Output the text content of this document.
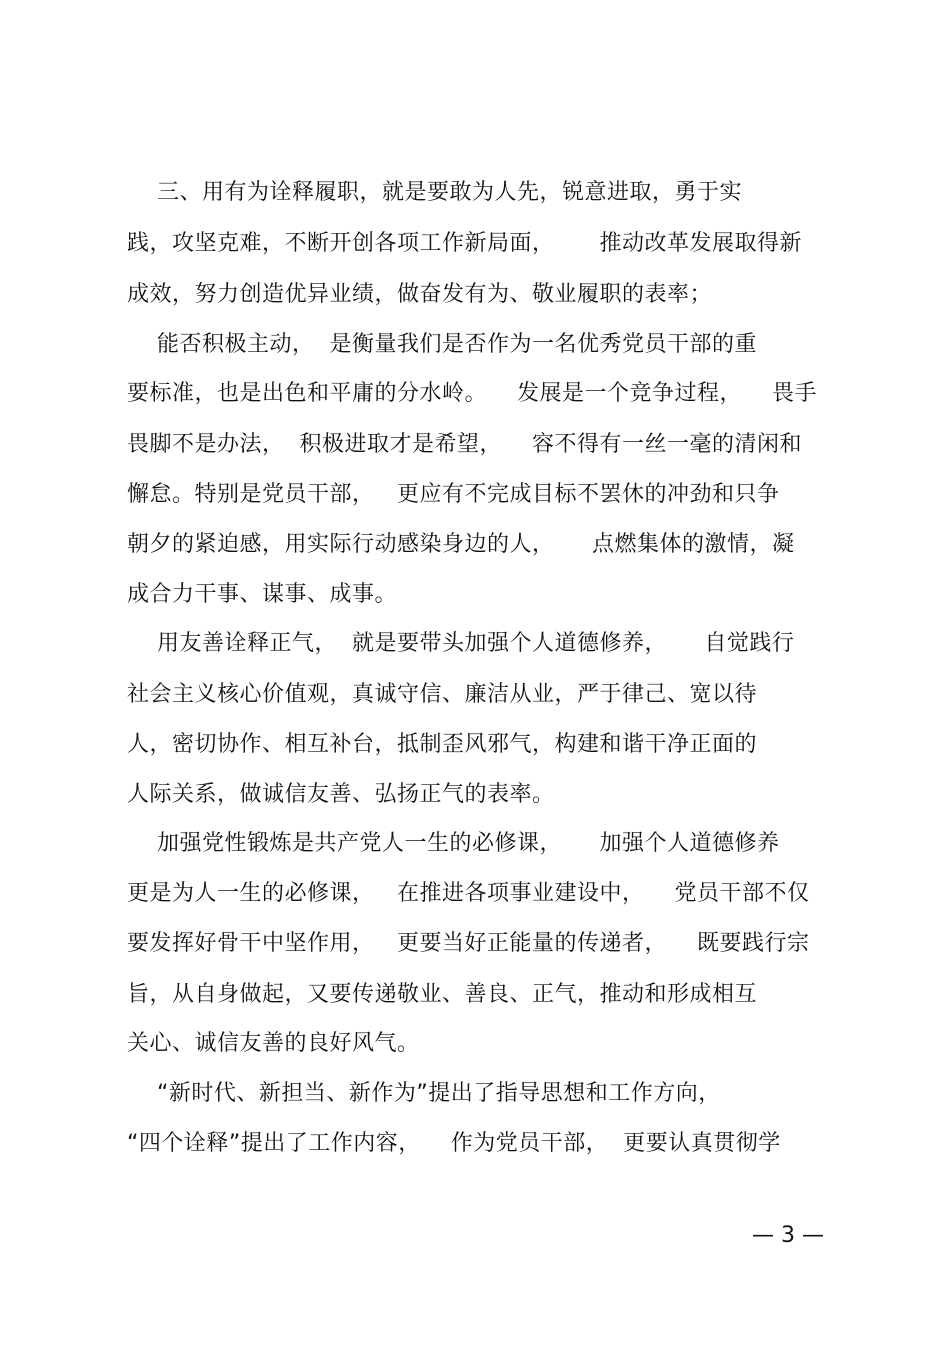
三、用有为诠释履职，就是要敢为人先，锐意进取，勇于实
践，攻坚克难，不断开创各项工作新局面，      推动改革发展取得新
成效，努力创造优异业绩，做奋发有为、敬业履职的表率；
能否积极主动，  是衡量我们是否作为一名优秀党员干部的重
要标准，也是出色和平庸的分水岭。    发展是一个竞争过程，    畏手
畏脚不是办法，  积极进取才是希望，    容不得有一丝一毫的清闲和
懈怠。特别是党员干部，   更应有不完成目标不罢休的冲劲和只争
朝夕的紧迫感，用实际行动感染身边的人，     点燃集体的激情，凝
成合力干事、谋事、成事。
用友善诠释正气，  就是要带头加强个人道德修养，     自觉践行
社会主义核心价值观，真诚守信、廉洁从业，严于律己、宽以待
人，密切协作、相互补台，抵制歪风邪气，构建和谐干净正面的
人际关系，做诚信友善、弘扬正气的表率。
加强党性锻炼是共产党人一生的必修课，     加强个人道德修养
更是为人一生的必修课，   在推进各项事业建设中，    党员干部不仅
要发挥好骨干中坚作用，   更要当好正能量的传递者，    既要践行宗
旨，从自身做起，又要传递敬业、善良、正气，推动和形成相互
关心、诚信友善的良好风气。
“新时代、新担当、新作为”提出了指导思想和工作方向，
“四个诠释”提出了工作内容，    作为党员干部，  更要认真贯彻学
— 3 —
